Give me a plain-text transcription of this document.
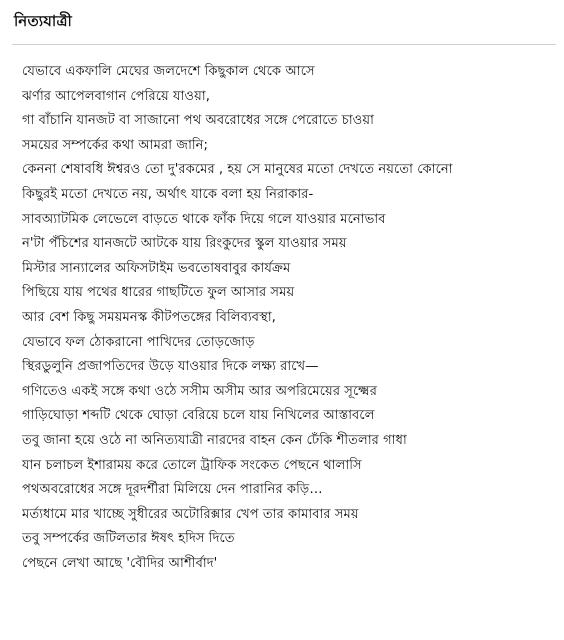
নিত্যযাত্রী
যেভাবে একফালি মেঘের জলদেশে কিছুকাল থেকে আসে
ঝর্ণার আপেলবাগান পেরিয়ে যাওয়া,
গা বাঁচানি যানজট বা সাজানো পথ অবরোধের সঙ্গে পেরোতে চাওয়া
সময়ের সম্পর্কের কথা আমরা জানি;
কেননা শেষাবধি ঈশ্বরও তো দু'রকমের , হয় সে মানুষের মতো দেখতে নয়তো কোনো
কিছুরই মতো দেখতে নয়, অর্থাৎ যাকে বলা হয় নিরাকার-
সাবঅ্যাটমিক লেভেলে বাড়তে থাকে ফাঁক দিয়ে গলে যাওয়ার মনোভাব
ন'টা পঁচিশের যানজটে আটকে যায় রিংকুদের স্কুল যাওয়ার সময়
মিস্টার সান্যালের অফিসটাইম ভবতোষবাবুর কার্যক্রম
পিছিয়ে যায় পথের ধারের গাছটিতে ফুল আসার সময়
আর বেশ কিছু সময়মনস্ক কীটপতঙ্গের বিলিব্যবস্থা,
যেভাবে ফল ঠোকরানো পাখিদের তোড়জোড়
স্থিরডুলুনি প্রজাপতিদের উড়ে যাওয়ার দিকে লক্ষ্য রাখে—
গণিতেও একই সঙ্গে কথা ওঠে সসীম অসীম আর অপরিমেয়ের সূক্ষ্মের
গাড়িঘোড়া শব্দটি থেকে ঘোড়া বেরিয়ে চলে যায় নিখিলের আস্তাবলে
তবু জানা হয়ে ওঠে না অনিত্যযাত্রী নারদের বাহন কেন ঢেঁকি শীতলার গাধা
যান চলাচল ইশারাময় করে তোলে ট্রাফিক সংকেত পেছনে থালাসি
পথঅবরোধের সঙ্গে দূরদর্শীরা মিলিয়ে দেন পারানির কড়ি…
মর্ত্যধামে মার খাচ্ছে সুধীরের অটোরিক্সার খেপ তার কামাবার সময়
তবু সম্পর্কের জটিলতার ঈষৎ হদিস দিতে
পেছনে লেখা আছে 'বৌদির আশীর্বাদ'
